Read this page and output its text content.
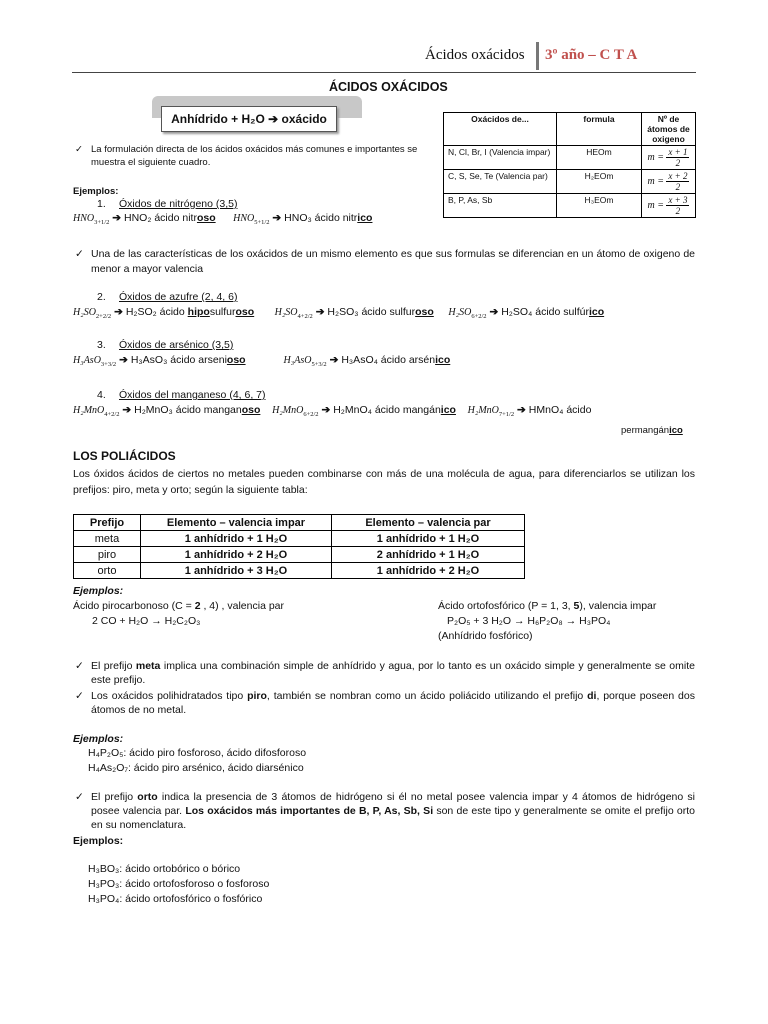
Ácidos oxácidos 3º año – C T A
ÁCIDOS OXÁCIDOS
Anhídrido + H₂O ➔ oxácido
✓ La formulación directa de los ácidos oxácidos más comunes e importantes se muestra el siguiente cuadro.
Oxácidos de...	formula	Nº de átomos de oxigeno
N, Cl, Br, I (Valencia impar)	HEOm	$m = \frac{x + 1}{2}$

C, S, Se, Te (Valencia par)	H₂EOm	$m = \frac{x + 2}{2}$

B, P, As, Sb	H₃EOm	$m = \frac{x + 3}{2}$
Ejemplos:
1. Óxidos de nitrógeno (3,5)
$HNO_{3+1/2}$ ➔ HNO₂ ácido nitroso $HNO_{5+1/2}$ ➔ HNO₃ ácido nitrico
✓ Una de las características de los oxácidos de un mismo elemento es que sus formulas se diferencian en un átomo de oxigeno de menor a mayor valencia
2. Óxidos de azufre (2, 4, 6)
$H_2SO_{2+2/2}$ ➔ H₂SO₂ ácido hiposulfuroso $H_2SO_{4+2/2}$ ➔ H₂SO₃ ácido sulfuroso $H_2SO_{6+2/2}$ ➔ H₂SO₄ ácido sulfúrico
3. Óxidos de arsénico (3,5)
H₃AsO$_{3+3/2}$ ➔ H₃AsO₃ ácido arsenioso	H₃AsO$_{5+3/2}$ ➔ H₃AsO₄ ácido arsénico
4. Óxidos del manganeso (4, 6, 7)
H₂MnO$_{4+2/2}$ ➔ H₂MnO₃ ácido manganoso H₂MnO$_{6+2/2}$ ➔ H₂MnO₄ ácido mangánico H₂MnO$_{7+1/2}$ ➔ HMnO₄ ácido
permangánico
LOS POLIÁCIDOS
Los óxidos ácidos de ciertos no metales pueden combinarse con más de una molécula de agua, para diferenciarlos se utilizan los prefijos: piro, meta y orto; según la siguiente tabla:
Prefijo	Elemento – valencia impar	Elemento – valencia par
meta	1 anhídrido + 1 H₂O	1 anhídrido + 1 H₂O
piro	1 anhídrido + 2 H₂O	2 anhídrido + 1 H₂O
orto	1 anhídrido + 3 H₂O	1 anhídrido + 2 H₂O
Ejemplos:
Ácido pirocarbonoso (C = 2 , 4) , valencia par
2 CO + H₂O → H₂C₂O₃
Ácido ortofosfórico (P = 1, 3, 5), valencia impar
P₂O₅ + 3 H₂O → H₆P₂O₈ → H₃PO₄
(Anhídrido fosfórico)
✓ El prefijo meta implica una combinación simple de anhídrido y agua, por lo tanto es un oxácido simple y generalmente se omite este prefijo.
✓ Los oxácidos polihidratados tipo piro, también se nombran como un ácido poliácido utilizando el prefijo di, porque poseen dos átomos de no metal.
Ejemplos:
H₄P₂O₅: ácido piro fosforoso, ácido difosforoso
H₄As₂O₇: ácido piro arsénico, ácido diarsénico
✓ El prefijo orto indica la presencia de 3 átomos de hidrógeno si él no metal posee valencia impar y 4 átomos de hidrógeno si posee valencia par. Los oxácidos más importantes de B, P, As, Sb, Si son de este tipo y generalmente se omite el prefijo orto en su nomenclatura.
Ejemplos:
H₃BO₃: ácido ortobórico o bórico
H₃PO₃: ácido ortofosforoso o fosforoso
H₃PO₄: ácido ortofosfórico o fosfórico
